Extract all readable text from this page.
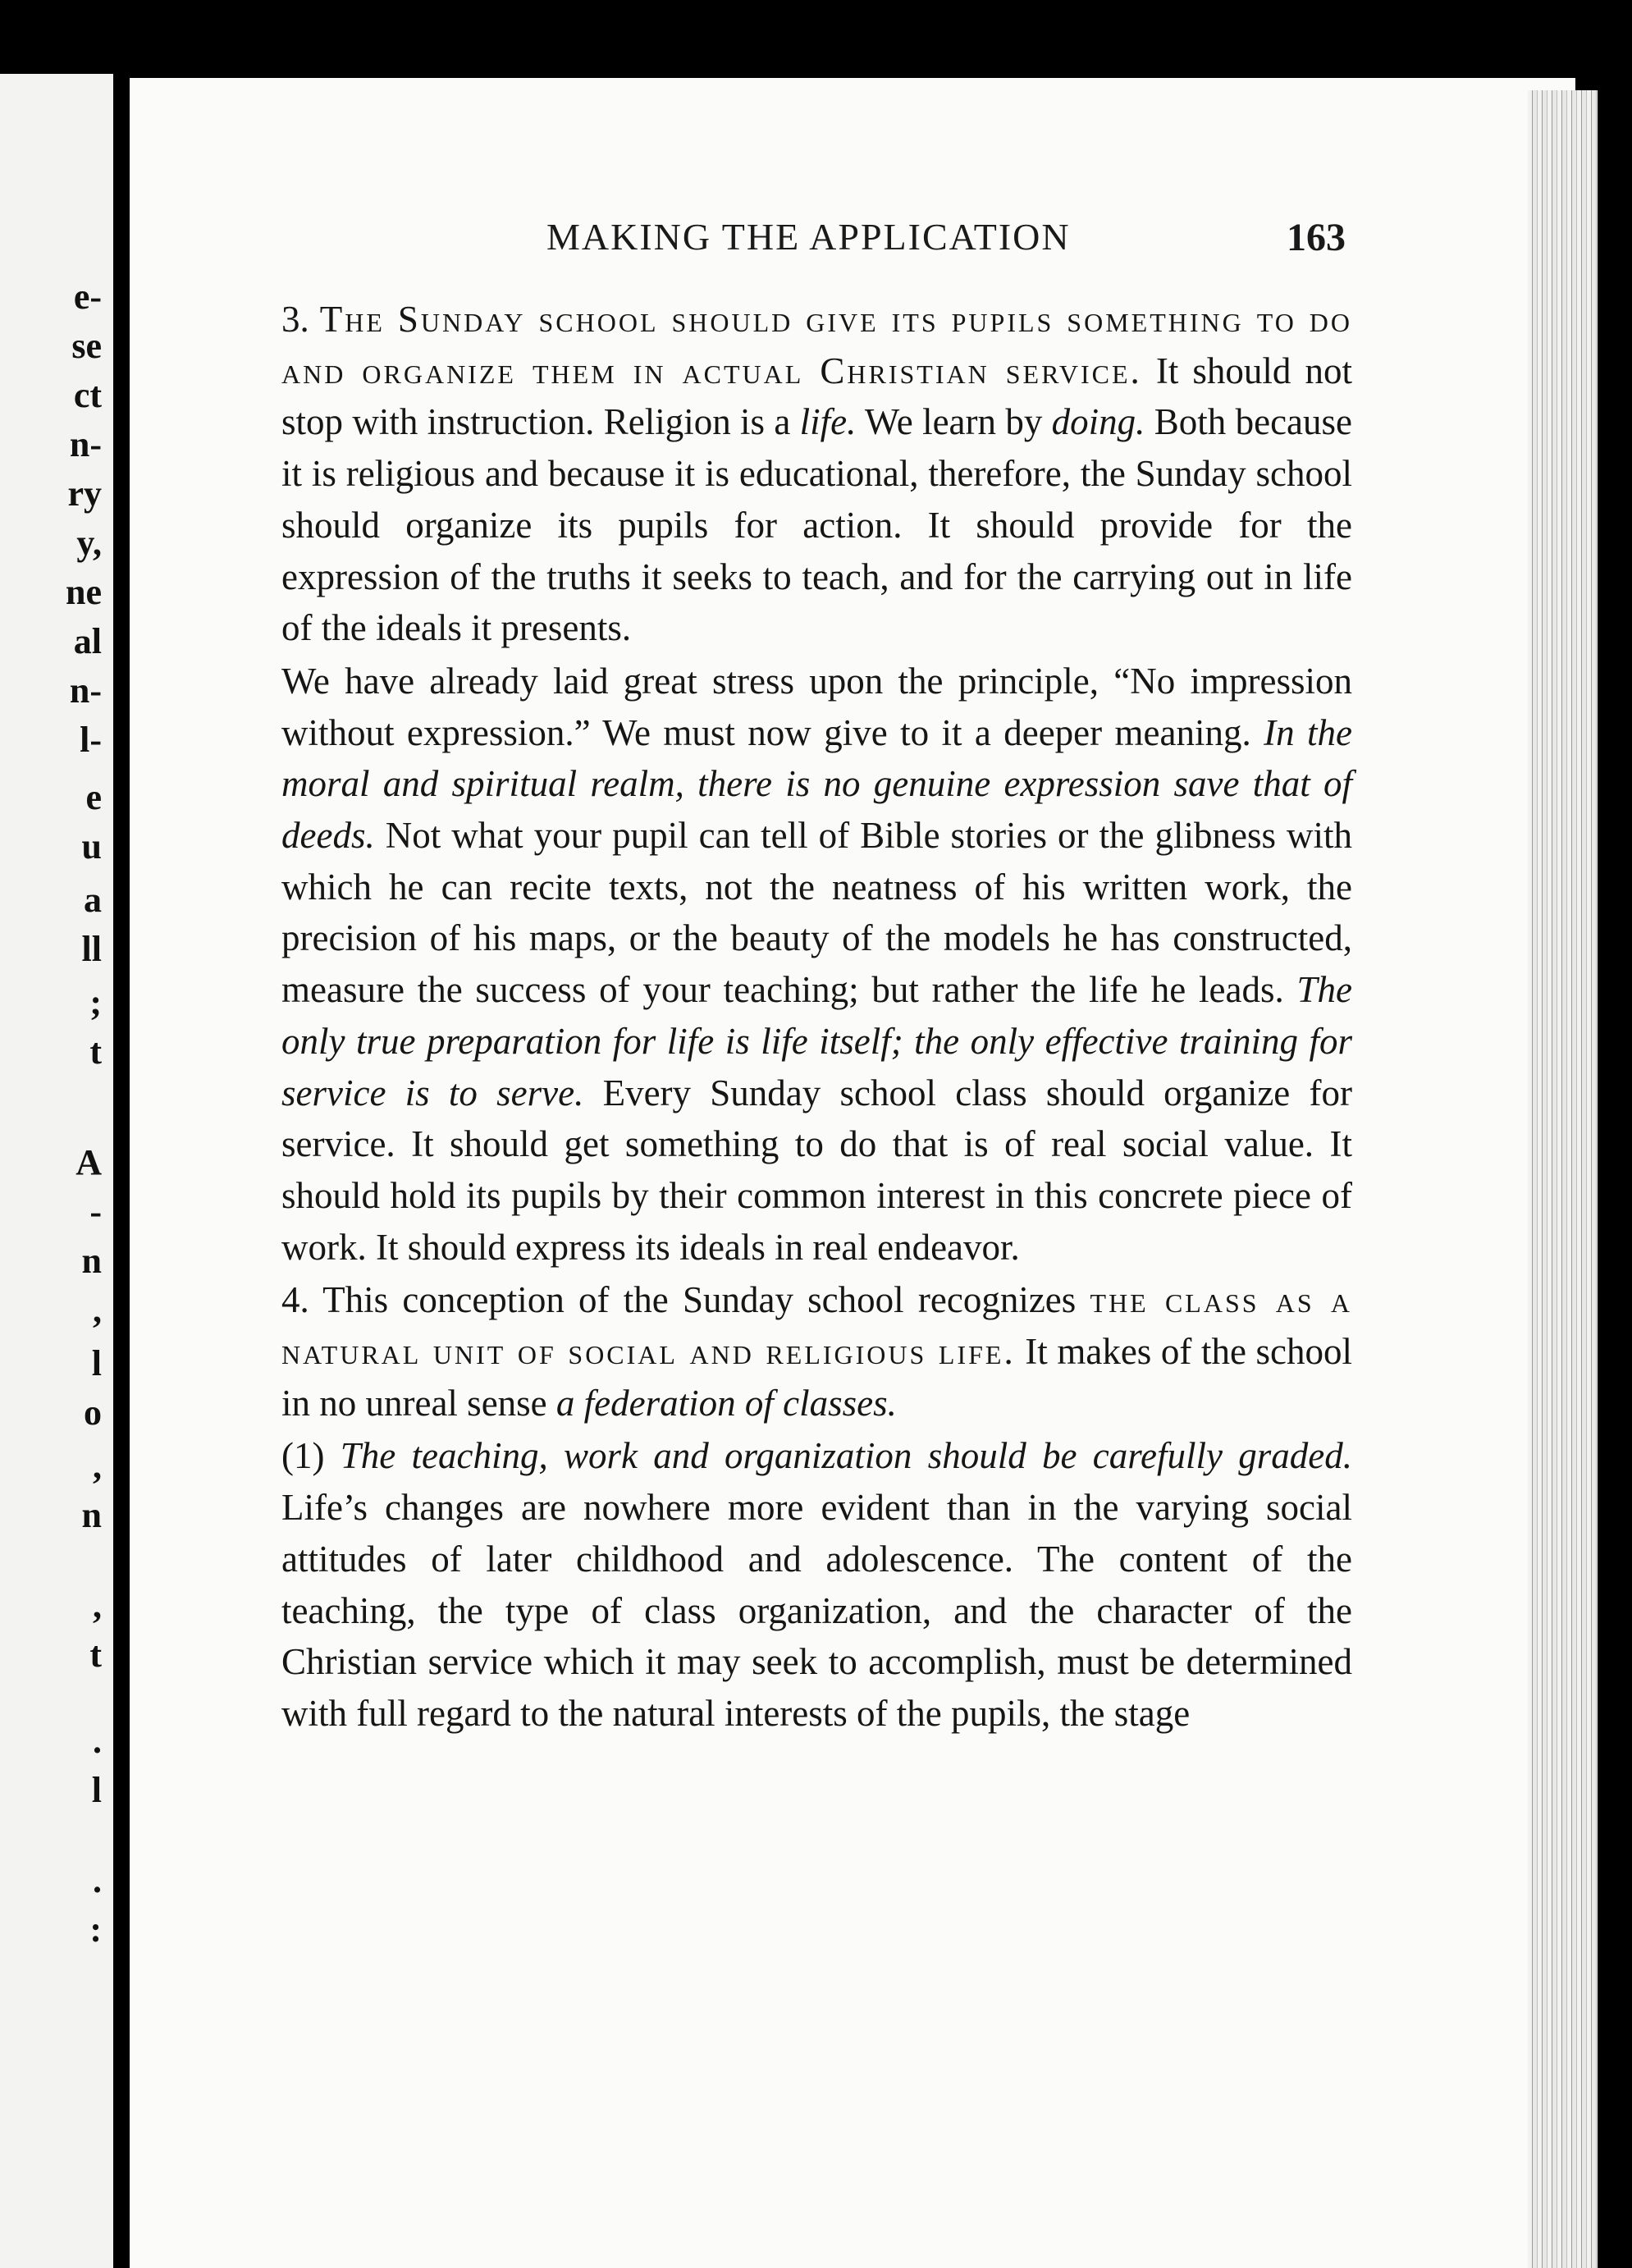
e-
se
ct
n-
ry
y,
ne
al
n-
l-
e
u
a
ll
;
t
A
-
n
,
l
o
,
n
,
t
.
l
.
:
MAKING THE APPLICATION	163

3. The Sunday school should give its pupils something to do and organize them in actual Christian service. It should not stop with instruction. Religion is a life. We learn by doing. Both because it is religious and because it is educational, therefore, the Sunday school should organize its pupils for action. It should provide for the expression of the truths it seeks to teach, and for the carrying out in life of the ideals it presents.

We have already laid great stress upon the principle, “No impression without expression.” We must now give to it a deeper meaning. In the moral and spiritual realm, there is no genuine expression save that of deeds. Not what your pupil can tell of Bible stories or the glibness with which he can recite texts, not the neatness of his written work, the precision of his maps, or the beauty of the models he has constructed, measure the success of your teaching; but rather the life he leads. The only true preparation for life is life itself; the only effective training for service is to serve. Every Sunday school class should organize for service. It should get something to do that is of real social value. It should hold its pupils by their common interest in this concrete piece of work. It should express its ideals in real endeavor.

4. This conception of the Sunday school recognizes the class as a natural unit of social and religious life. It makes of the school in no unreal sense a federation of classes.

(1) The teaching, work and organization should be carefully graded. Life’s changes are nowhere more evident than in the varying social attitudes of later childhood and adolescence. The content of the teaching, the type of class organization, and the character of the Christian service which it may seek to accomplish, must be determined with full regard to the natural interests of the pupils, the stage
